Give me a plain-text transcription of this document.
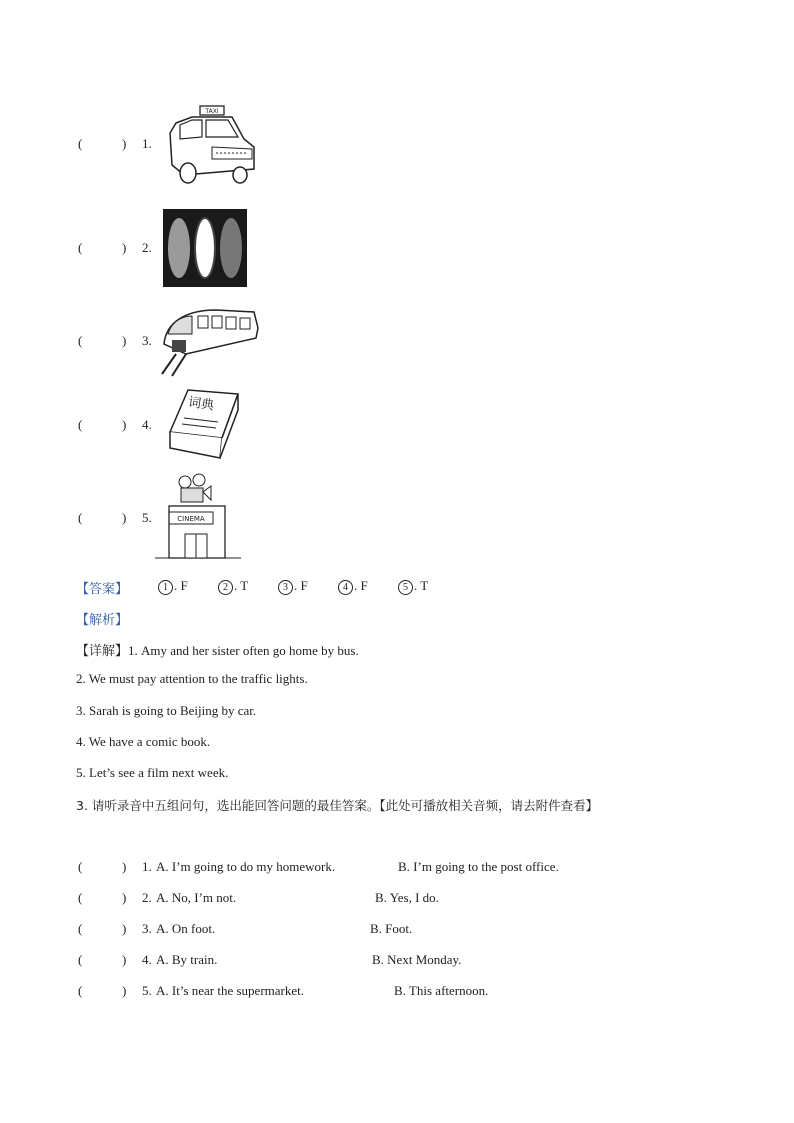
(	) 1.
TAXI
(	) 2.
(	) 3.
(	) 4.
词典
(	) 5.	CINEMA
【答案】	1 . F	2 . T	3 . F	4 . F	5 . T
【解析】
【详解】1. Amy and her sister often go home by bus.
2. We must pay attention to the traffic lights.
3. Sarah is going to Beijing by car.
4. We have a comic book.
5. Let’s see a film next week.
3. 请听录音中五组问句，选出能回答问题的最佳答案。【此处可播放相关音频，请去附件查看】
(	) 1. A. I’m going to do my homework.	B. I’m going to the post office.
(	) 2. A. No, I’m not.	B. Yes, I do.
(	) 3. A. On foot.	B. Foot.
(	) 4. A. By train.	B. Next Monday.
(	) 5. A. It’s near the supermarket.	B. This afternoon.
